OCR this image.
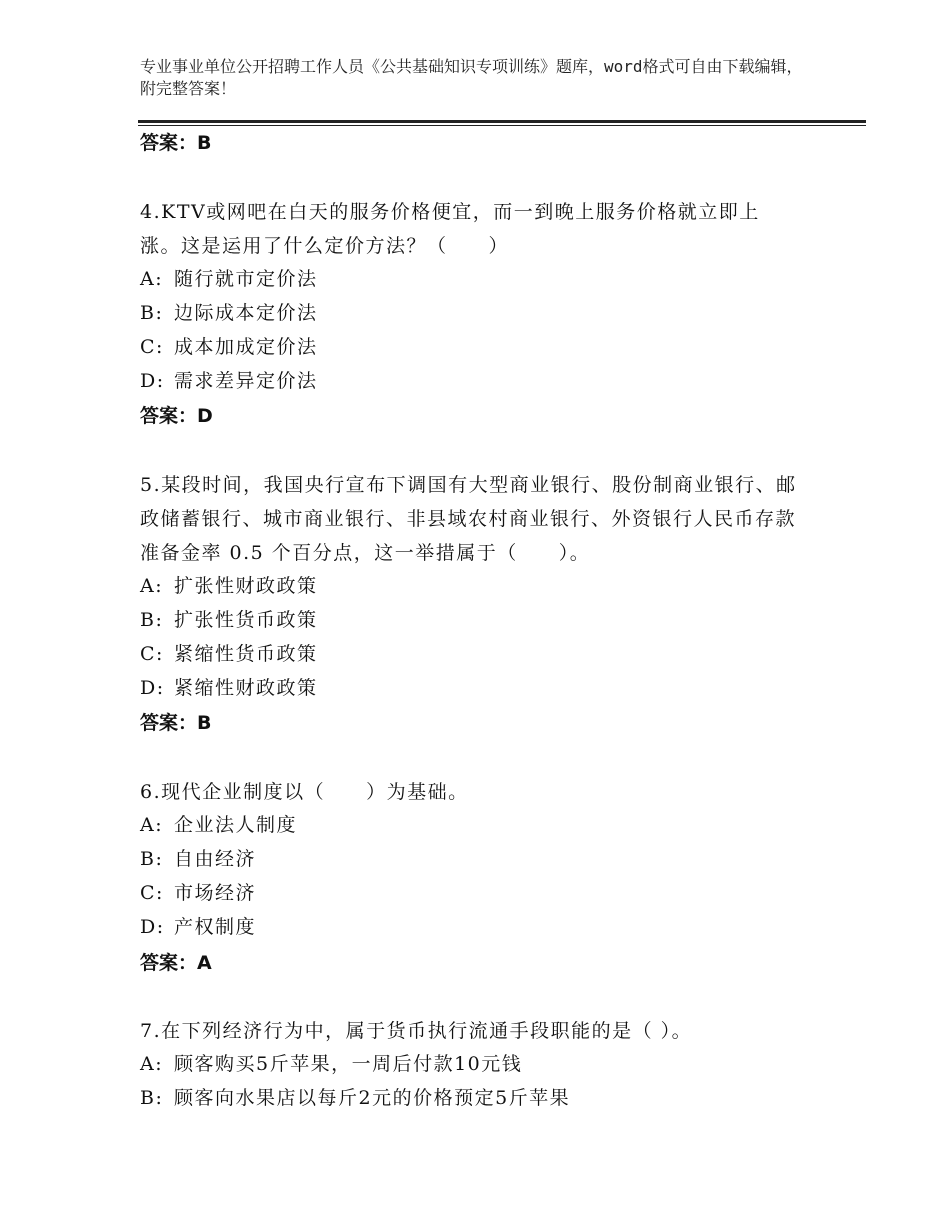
专业事业单位公开招聘工作人员《公共基础知识专项训练》题库，word格式可自由下载编辑，附完整答案！
答案：B
4.KTV或网吧在白天的服务价格便宜，而一到晚上服务价格就立即上涨。这是运用了什么定价方法？（　　）
A: 随行就市定价法
B: 边际成本定价法
C: 成本加成定价法
D: 需求差异定价法
答案：D
5.某段时间，我国央行宣布下调国有大型商业银行、股份制商业银行、邮政储蓄银行、城市商业银行、非县域农村商业银行、外资银行人民币存款准备金率 0.5 个百分点，这一举措属于（　　）。
A: 扩张性财政政策
B: 扩张性货币政策
C: 紧缩性货币政策
D: 紧缩性财政政策
答案：B
6.现代企业制度以（　　）为基础。
A: 企业法人制度
B: 自由经济
C: 市场经济
D: 产权制度
答案：A
7.在下列经济行为中，属于货币执行流通手段职能的是（ ）。
A: 顾客购买5斤苹果，一周后付款10元钱
B: 顾客向水果店以每斤2元的价格预定5斤苹果
